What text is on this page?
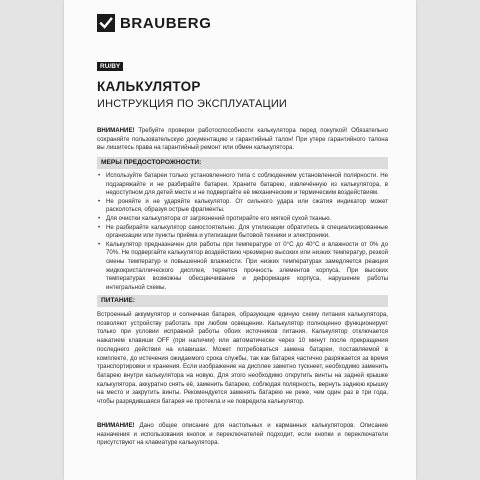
BRAUBERG
RU/BY
КАЛЬКУЛЯТОР
ИНСТРУКЦИЯ ПО ЭКСПЛУАТАЦИИ

ВНИМАНИЕ! Требуйте проверки работоспособности калькулятора перед покупкой! Обязательно сохраняйте пользовательскую документацию и гарантийный талон! При утере гарантийного талона вы лишитесь права на гарантийный ремонт или обмен калькулятора.

МЕРЫ ПРЕДОСТОРОЖНОСТИ:
• Используйте батареи только установленного типа с соблюдением установленной полярности. Не подзаряжайте и не разбирайте батареи. Храните батарею, извлечённую из калькулятора, в недоступном для детей месте и не подвергайте её механическим и термическим воздействиям.
• Не роняйте и не ударяйте калькулятор. От сильного удара или сжатия индикатор может расколоться, образуя острые фрагменты.
• Для очистки калькулятора от загрязнений протирайте его мягкой сухой тканью.
• Не разбирайте калькулятор самостоятельно. Для утилизации обратитесь в специализированные организации или пункты приёма и утилизации бытовой техники и электроники.
• Калькулятор предназначен для работы при температуре от 0°C до 40°C и влажности от 0% до 70%. Не подвергайте калькулятор воздействию чрезмерно высоких или низких температур, резкой смены температур и повышенной влажности. При низких температурах замедляется реакция жидкокристаллического дисплея, теряется прочность элементов корпуса. При высоких температурах возможны обесцвечивание и деформация корпуса, нарушение работы интегральной схемы.
ПИТАНИЕ:

Встроенный аккумулятор и солнечная батарея, образующие единую схему питания калькулятора, позволяют устройству работать при любом освещении. Калькулятор полноценно функционирует только при условии исправной работы обоих источников питания. Калькулятор отключается нажатием клавиши OFF (при наличии) или автоматически через 10 минут после прекращения последнего действия на клавишах. Может потребоваться замена батареи, поставляемой в комплекте, до истечения ожидаемого срока службы, так как батарея частично разряжается за время транспортировки и хранения. Если изображение на дисплее заметно тускнеет, необходимо заменить батарею внутри калькулятора на новую. Для этого необходимо открутить винты на задней крышке калькулятора, аккуратно снять её, заменить батарею, соблюдая полярность, вернуть заднюю крышку на место и закрутить винты. Рекомендуется заменять батарею не реже, чем один раз в три года, чтобы разрядившаяся батарея не протекла и не повредила калькулятор.

ВНИМАНИЕ! Дано общее описание для настольных и карманных калькуляторов. Описание назначения и использования кнопок и переключателей подходит, если кнопки и переключатели присутствуют на клавиатуре калькулятора.
